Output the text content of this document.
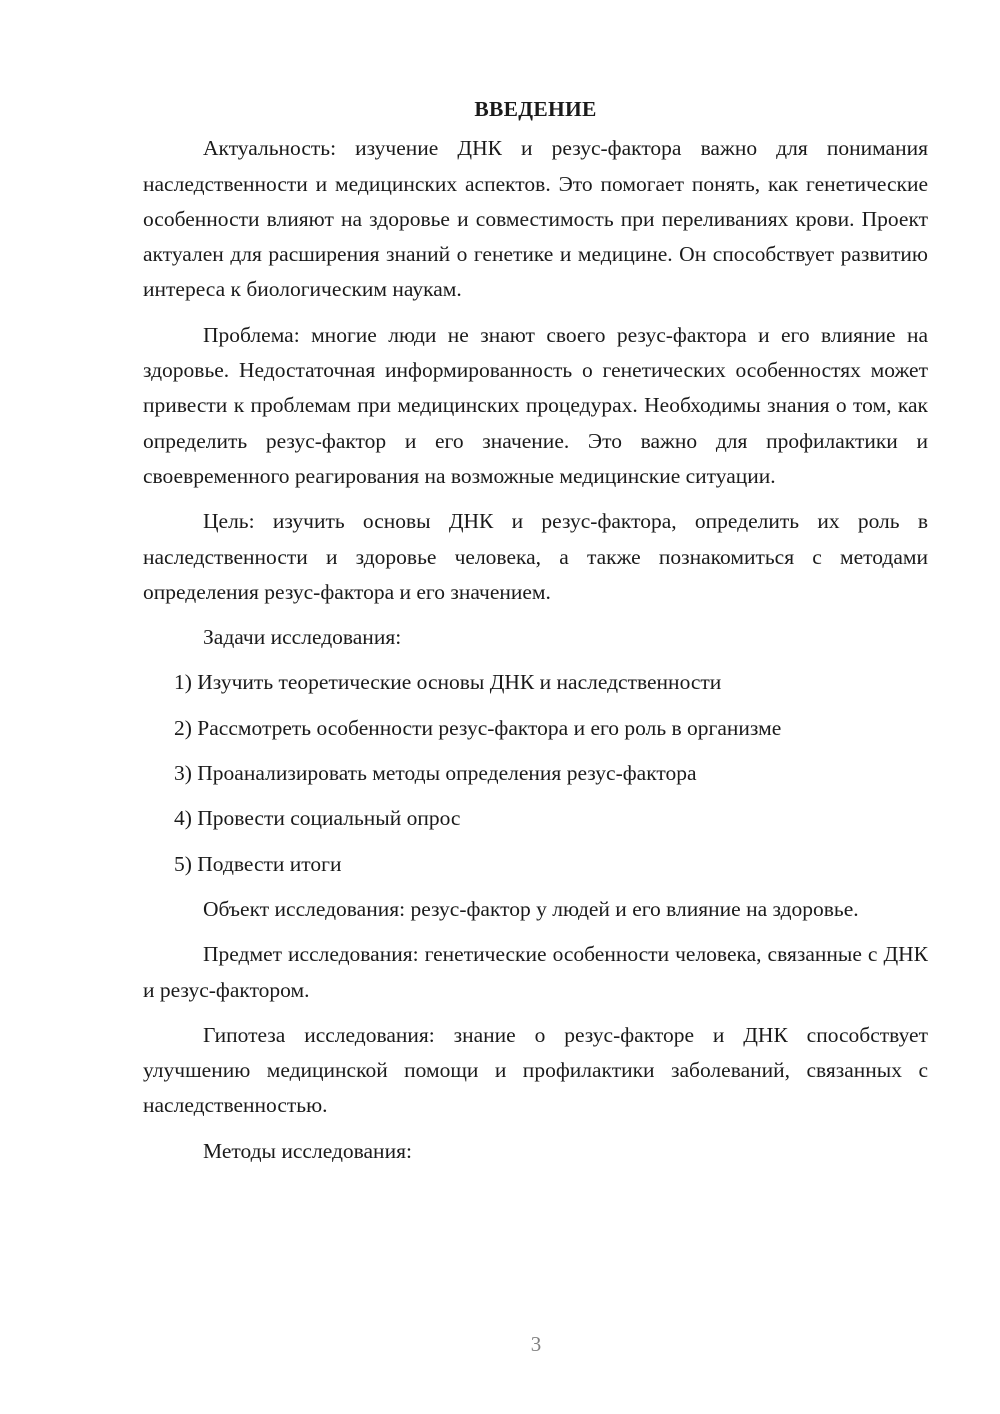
ВВЕДЕНИЕ

Актуальность: изучение ДНК и резус-фактора важно для понимания наследственности и медицинских аспектов. Это помогает понять, как генетические особенности влияют на здоровье и совместимость при переливаниях крови. Проект актуален для расширения знаний о генетике и медицине. Он способствует развитию интереса к биологическим наукам.

Проблема: многие люди не знают своего резус-фактора и его влияние на здоровье. Недостаточная информированность о генетических особенностях может привести к проблемам при медицинских процедурах. Необходимы знания о том, как определить резус-фактор и его значение. Это важно для профилактики и своевременного реагирования на возможные медицинские ситуации.

Цель: изучить основы ДНК и резус-фактора, определить их роль в наследственности и здоровье человека, а также познакомиться с методами определения резус-фактора и его значением.

Задачи исследования:

1) Изучить теоретические основы ДНК и наследственности
2) Рассмотреть особенности резус-фактора и его роль в организме
3) Проанализировать методы определения резус-фактора
4) Провести социальный опрос
5) Подвести итоги

Объект исследования: резус-фактор у людей и его влияние на здоровье.

Предмет исследования: генетические особенности человека, связанные с ДНК и резус-фактором.

Гипотеза исследования: знание о резус-факторе и ДНК способствует улучшению медицинской помощи и профилактики заболеваний, связанных с наследственностью.

Методы исследования:

3
